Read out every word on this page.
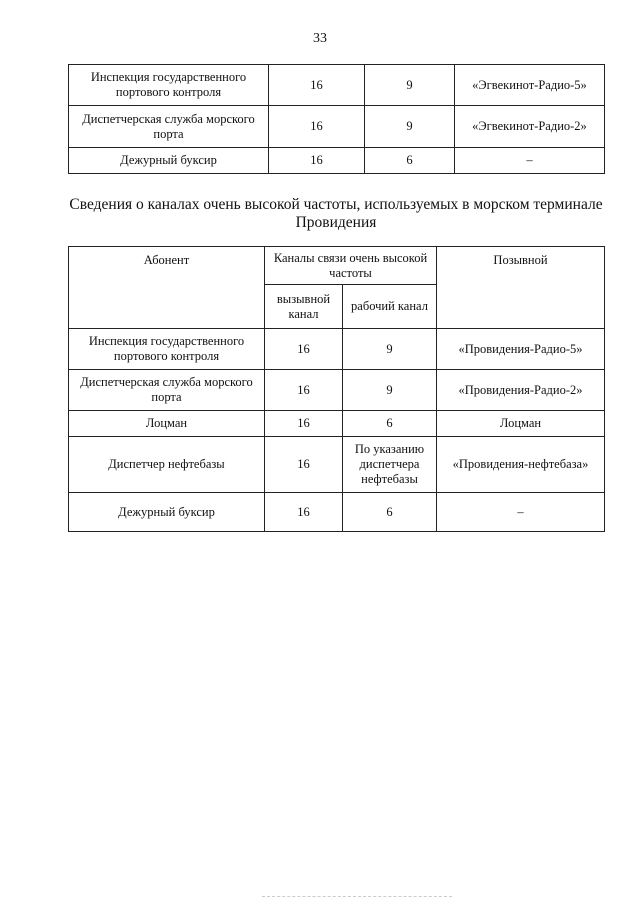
33
Инспекция государственного портового контроля	16	9	«Эгвекинот-Радио-5»
Диспетчерская служба морского порта	16	9	«Эгвекинот-Радио-2»
Дежурный буксир	16	6	–
Сведения о каналах очень высокой частоты, используемых в морском терминале Провидения
Абонент	Каналы связи очень высокой частоты		Позывной
	вызывной канал	рабочий канал	
Инспекция государственного портового контроля	16	9	«Провидения-Радио-5»
Диспетчерская служба морского порта	16	9	«Провидения-Радио-2»
Лоцман	16	6	Лоцман
Диспетчер нефтебазы	16	По указанию диспетчера нефтебазы	«Провидения-нефтебаза»
Дежурный буксир	16	6	–
